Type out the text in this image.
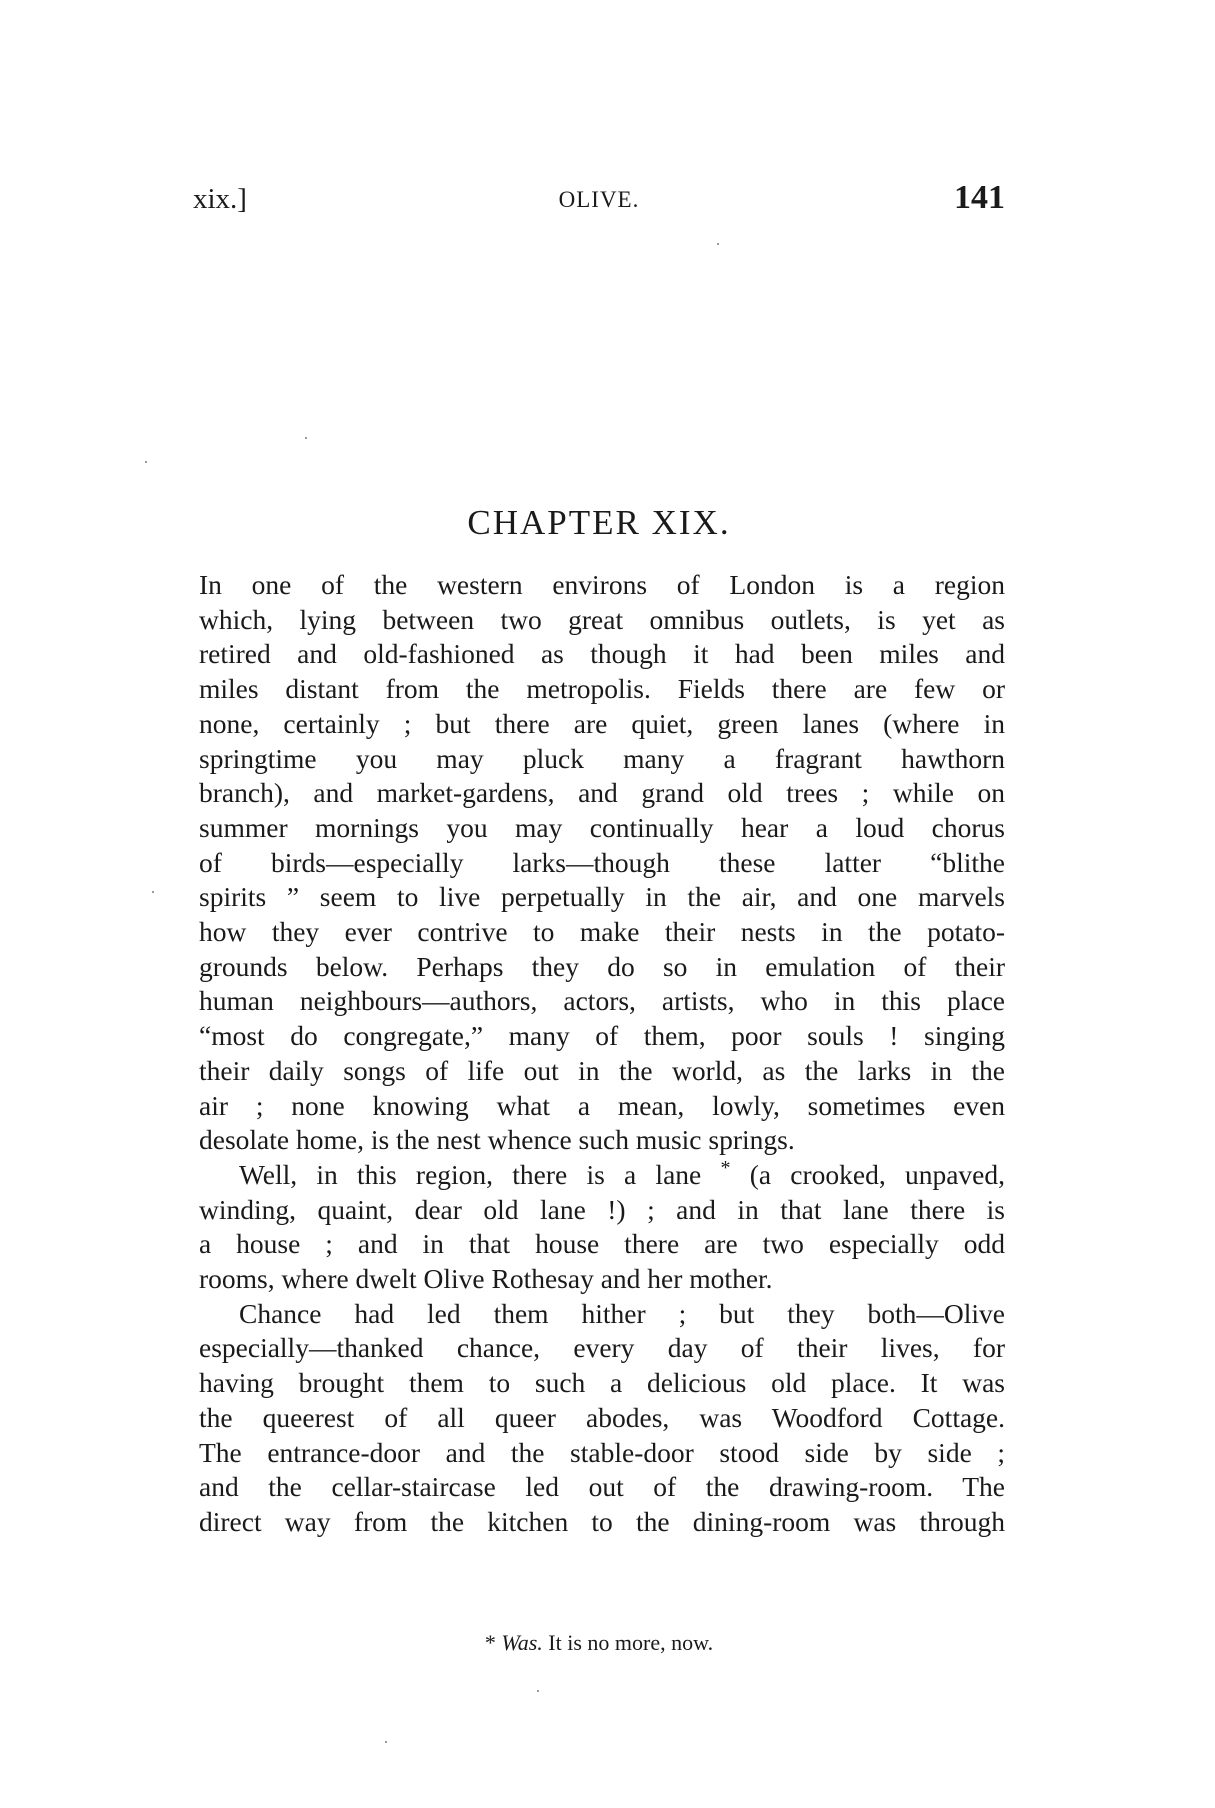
xix.]	OLIVE.	141
CHAPTER XIX.
In one of the western environs of London is a region
which, lying between two great omnibus outlets, is yet as
retired and old-fashioned as though it had been miles and
miles distant from the metropolis. Fields there are few or
none, certainly ; but there are quiet, green lanes (where in
springtime you may pluck many a fragrant hawthorn
branch), and market-gardens, and grand old trees ; while on
summer mornings you may continually hear a loud chorus
of birds—especially larks—though these latter “blithe
spirits ” seem to live perpetually in the air, and one marvels
how they ever contrive to make their nests in the potato-
grounds below. Perhaps they do so in emulation of their
human neighbours—authors, actors, artists, who in this place
“most do congregate,” many of them, poor souls ! singing
their daily songs of life out in the world, as the larks in the
air ; none knowing what a mean, lowly, sometimes even
desolate home, is the nest whence such music springs.
Well, in this region, there is a lane * (a crooked, unpaved,
winding, quaint, dear old lane !) ; and in that lane there is
a house ; and in that house there are two especially odd
rooms, where dwelt Olive Rothesay and her mother.
Chance had led them hither ; but they both—Olive
especially—thanked chance, every day of their lives, for
having brought them to such a delicious old place. It was
the queerest of all queer abodes, was Woodford Cottage.
The entrance-door and the stable-door stood side by side ;
and the cellar-staircase led out of the drawing-room. The
direct way from the kitchen to the dining-room was through
* Was. It is no more, now.
